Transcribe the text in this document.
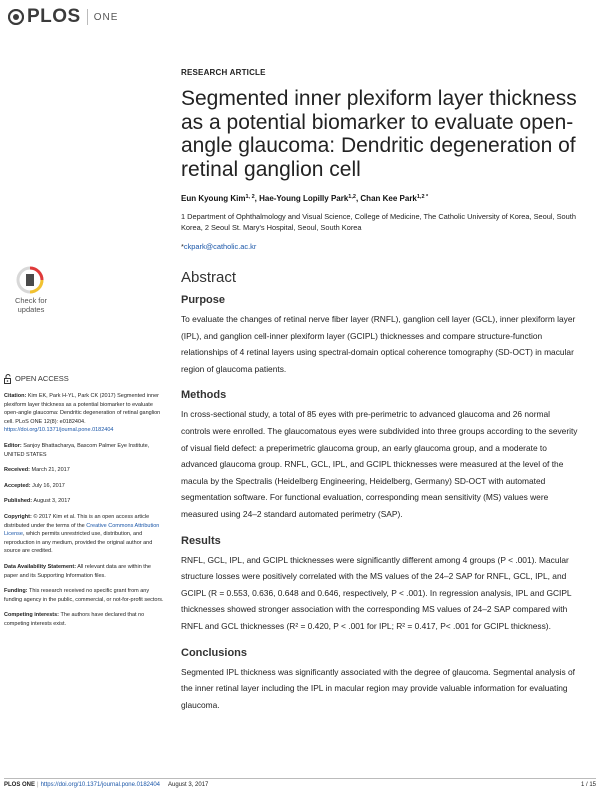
PLOS ONE
Check for
updates
RESEARCH ARTICLE
Segmented inner plexiform layer thickness as a potential biomarker to evaluate open-angle glaucoma: Dendritic degeneration of retinal ganglion cell
Eun Kyoung Kim$^{1, 2}$, Hae-Young Lopilly Park$^{1,2}$, Chan Kee Park$^{1,2 *}$
1 Department of Ophthalmology and Visual Science, College of Medicine, The Catholic University of Korea, Seoul, South Korea, 2 Seoul St. Mary's Hospital, Seoul, South Korea
*ckpark@catholic.ac.kr
Abstract
Purpose

To evaluate the changes of retinal nerve fiber layer (RNFL), ganglion cell layer (GCL), inner plexiform layer (IPL), and ganglion cell-inner plexiform layer (GCIPL) thicknesses and compare structure-function relationships of 4 retinal layers using spectral-domain optical coherence tomography (SD-OCT) in macular region of glaucoma patients.

Methods

In cross-sectional study, a total of 85 eyes with pre-perimetric to advanced glaucoma and 26 normal controls were enrolled. The glaucomatous eyes were subdivided into three groups according to the severity of visual field defect: a preperimetric glaucoma group, an early glaucoma group, and a moderate to advanced glaucoma group. RNFL, GCL, IPL, and GCIPL thicknesses were measured at the level of the macula by the Spectralis (Heidelberg Engineering, Heidelberg, Germany) SD-OCT with automated segmentation software. For functional evaluation, corresponding mean sensitivity (MS) values were measured using 24–2 standard automated perimetry (SAP).

Results

RNFL, GCL, IPL, and GCIPL thicknesses were significantly different among 4 groups (P < .001). Macular structure losses were positively correlated with the MS values of the 24–2 SAP for RNFL, GCL, IPL, and GCIPL (R = 0.553, 0.636, 0.648 and 0.646, respectively, P < .001). In regression analysis, IPL and GCIPL thicknesses showed stronger association with the corresponding MS values of 24–2 SAP compared with RNFL and GCL thicknesses (R² = 0.420, P < .001 for IPL; R² = 0.417, P< .001 for GCIPL thickness).

Conclusions

Segmented IPL thickness was significantly associated with the degree of glaucoma. Segmental analysis of the inner retinal layer including the IPL in macular region may provide valuable information for evaluating glaucoma.

OPEN ACCESS
Citation: Kim EK, Park H-YL, Park CK (2017) Segmented inner plexiform layer thickness as a potential biomarker to evaluate open-angle glaucoma: Dendritic degeneration of retinal ganglion cell. PLoS ONE 12(8): e0182404. https://doi.org/10.1371/journal.pone.0182404
Editor: Sanjoy Bhattacharya, Bascom Palmer Eye Institute, UNITED STATES
Received: March 21, 2017
Accepted: July 16, 2017
Published: August 3, 2017
Copyright: © 2017 Kim et al. This is an open access article distributed under the terms of the Creative Commons Attribution License, which permits unrestricted use, distribution, and reproduction in any medium, provided the original author and source are credited.
Data Availability Statement: All relevant data are within the paper and its Supporting Information files.
Funding: This research received no specific grant from any funding agency in the public, commercial, or not-for-profit sectors.
Competing interests: The authors have declared that no competing interests exist.
PLOS ONE | https://doi.org/10.1371/journal.pone.0182404 August 3, 2017	1 / 15
